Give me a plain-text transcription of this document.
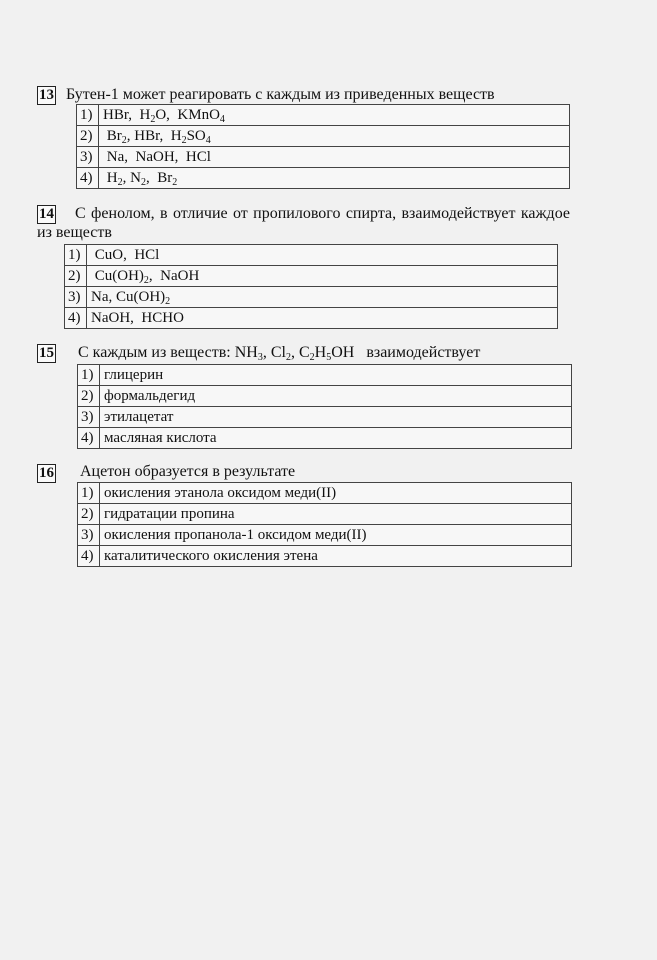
13 Бутен-1 может реагировать с каждым из приведенных веществ
1)	HBr,  $H_2O$,  KMnO$_4$
2)	$Br_2$, HBr,  $H_2SO_4$
3)	Na,  NaOH,  HCl
4)	$H_2$, $N_2$,  $Br_2$
14	С фенолом, в отличие от пропилового спирта, взаимодействует каждое из веществ
1)	CuO,  HCl
2)	$Cu(OH)_2$,  NaOH
3)	Na, $Cu(OH)_2$
4)	NaOH,  HCHO
15 С каждым из веществ: $NH_3$, $Cl_2$, $C_2H_5OH$   взаимодействует
1)	глицерин
2)	формальдегид
3)	этилацетат
4)	масляная кислота
16 Ацетон образуется в результате
1)	окисления этанола оксидом меди(II)
2)	гидратации пропина
3)	окисления пропанола-1 оксидом меди(II)
4)	каталитического окисления этена
